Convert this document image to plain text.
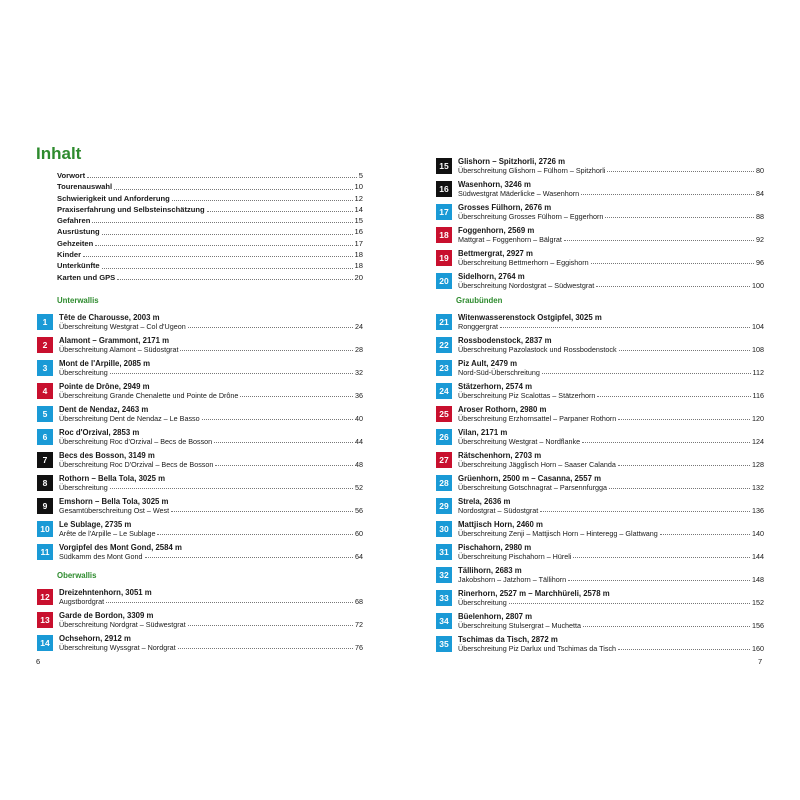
Inhalt
Vorwort	5
Tourenauswahl	10
Schwierigkeit und Anforderung	12
Praxiserfahrung und Selbsteinschätzung	14
Gefahren	15
Ausrüstung	16
Gehzeiten	17
Kinder	18
Unterkünfte	18
Karten und GPS	20
Unterwallis
1	Tête de Charousse, 2003 m
Überschreitung Westgrat – Col d'Ugeon	24
2	Alamont – Grammont, 2171 m
Überschreitung Alamont – Südostgrat	28
3	Mont de l'Arpille, 2085 m
Überschreitung	32
4	Pointe de Drône, 2949 m
Überschreitung Grande Chenalette und Pointe de Drône	36
5	Dent de Nendaz, 2463 m
Überschreitung Dent de Nendaz – Le Basso	40
6	Roc d'Orzival, 2853 m
Überschreitung Roc d'Orzival – Becs de Bosson	44
7	Becs des Bosson, 3149 m
Überschreitung Roc D'Orzival – Becs de Bosson	48
8	Rothorn – Bella Tola, 3025 m
Überschreitung	52
9	Emshorn – Bella Tola, 3025 m
Gesamtüberschreitung Ost – West	56
10	Le Sublage, 2735 m
Arête de l'Arpille – Le Sublage	60
11	Vorgipfel des Mont Gond, 2584 m
Südkamm des Mont Gond	64
Oberwallis
12	Dreizehntenhorn, 3051 m
Augstbordgrat	68
13	Garde de Bordon, 3309 m
Überschreitung Nordgrat – Südwestgrat	72
14	Ochsehorn, 2912 m
Überschreitung Wyssgrat – Nordgrat	76
6
15	Glishorn – Spitzhorli, 2726 m
Überschreitung Glishorn – Fülhorn – Spitzhorli	80
16	Wasenhorn, 3246 m
Südwestgrat Mäderlicke – Wasenhorn	84
17	Grosses Fülhorn, 2676 m
Überschreitung Grosses Fülhorn – Eggerhorn	88
18	Foggenhorn, 2569 m
Mattgrat – Foggenhorn – Bälgrat	92
19	Bettmergrat, 2927 m
Überschreitung Bettmerhorn – Eggishorn	96
20	Sidelhorn, 2764 m
Überschreitung Nordostgrat – Südwestgrat	100
Graubünden
21	Witenwasserenstock Ostgipfel, 3025 m
Ronggergrat	104
22	Rossbodenstock, 2837 m
Überschreitung Pazolastock und Rossbodenstock	108
23	Piz Ault, 2479 m
Nord-Süd-Überschreitung	112
24	Stätzerhorn, 2574 m
Überschreitung Piz Scalottas – Stätzerhorn	116
25	Aroser Rothorn, 2980 m
Überschreitung Erzhornsattel – Parpaner Rothorn	120
26	Vilan, 2171 m
Überschreitung Westgrat – Nordflanke	124
27	Rätschenhorn, 2703 m
Überschreitung Jägglisch Horn – Saaser Calanda	128
28	Grüenhorn, 2500 m – Casanna, 2557 m
Überschreitung Gotschnagrat – Parsennfurgga	132
29	Strela, 2636 m
Nordostgrat – Südostgrat	136
30	Mattjisch Horn, 2460 m
Überschreitung Zenji – Mattjisch Horn – Hinteregg – Glattwang	140
31	Pischahorn, 2980 m
Überschreitung Pischahorn – Hüreli	144
32	Tällihorn, 2683 m
Jakobshorn – Jatzhorn – Tällihorn	148
33	Rinerhorn, 2527 m – Marchhüreli, 2578 m
Überschreitung	152
34	Büelenhorn, 2807 m
Überschreitung Stulsergrat – Muchetta	156
35	Tschimas da Tisch, 2872 m
Überschreitung Piz Darlux und Tschimas da Tisch	160
7
